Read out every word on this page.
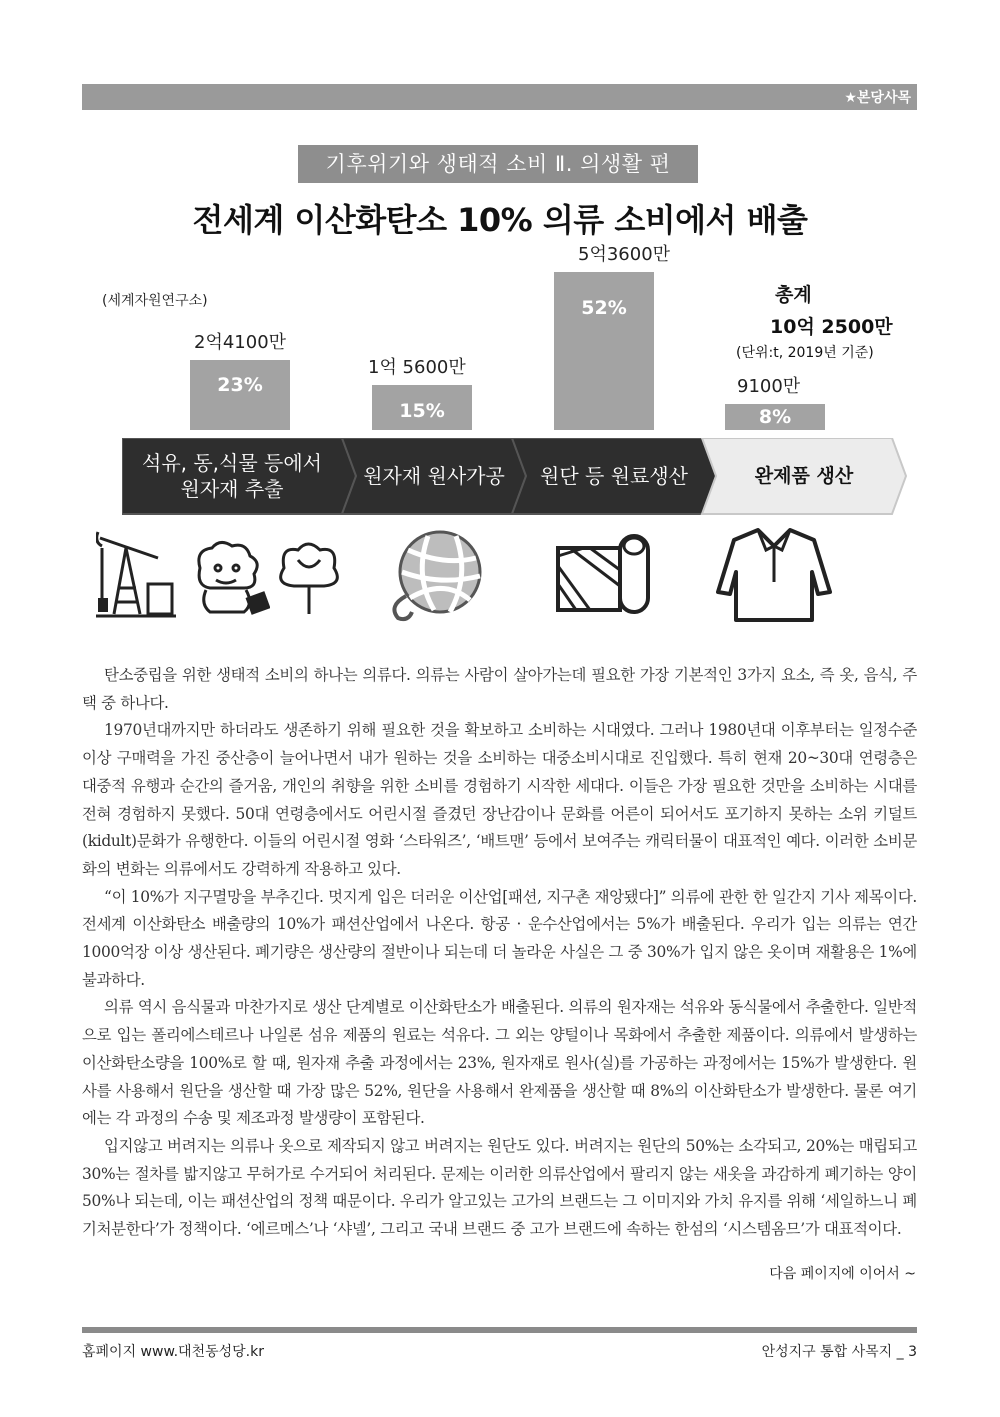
★본당사목
기후위기와 생태적 소비 Ⅱ. 의생활 편
전세계 이산화탄소 10% 의류 소비에서 배출
(세계자원연구소)	총계
10억 2500만
(단위:t, 2019년 기준)
23%
2억4100만
15%
1억 5600만
52%
5억3600만
8%
9100만
석유, 동,식물 등에서
원자재 추출
원자재 원사가공	원단 등 원료생산	완제품 생산

탄소중립을 위한 생태적 소비의 하나는 의류다. 의류는 사람이 살아가는데 필요한 가장 기본적인 3가지 요소, 즉 옷, 음식, 주택 중 하나다.

1970년대까지만 하더라도 생존하기 위해 필요한 것을 확보하고 소비하는 시대였다. 그러나 1980년대 이후부터는 일정수준 이상 구매력을 가진 중산층이 늘어나면서 내가 원하는 것을 소비하는 대중소비시대로 진입했다. 특히 현재 20~30대 연령층은 대중적 유행과 순간의 즐거움, 개인의 취향을 위한 소비를 경험하기 시작한 세대다. 이들은 가장 필요한 것만을 소비하는 시대를 전혀 경험하지 못했다. 50대 연령층에서도 어린시절 즐겼던 장난감이나 문화를 어른이 되어서도 포기하지 못하는 소위 키덜트(kidult)문화가 유행한다. 이들의 어린시절 영화 ‘스타워즈’, ‘배트맨’ 등에서 보여주는 캐릭터물이 대표적인 예다. 이러한 소비문화의 변화는 의류에서도 강력하게 작용하고 있다.

“이 10%가 지구멸망을 부추긴다. 멋지게 입은 더러운 이산업[패션, 지구촌 재앙됐다]” 의류에 관한 한 일간지 기사 제목이다. 전세계 이산화탄소 배출량의 10%가 패션산업에서 나온다. 항공 · 운수산업에서는 5%가 배출된다. 우리가 입는 의류는 연간 1000억장 이상 생산된다. 폐기량은 생산량의 절반이나 되는데 더 놀라운 사실은 그 중 30%가 입지 않은 옷이며 재활용은 1%에 불과하다.

의류 역시 음식물과 마찬가지로 생산 단계별로 이산화탄소가 배출된다. 의류의 원자재는 석유와 동식물에서 추출한다. 일반적으로 입는 폴리에스테르나 나일론 섬유 제품의 원료는 석유다. 그 외는 양털이나 목화에서 추출한 제품이다. 의류에서 발생하는 이산화탄소량을 100%로 할 때, 원자재 추출 과정에서는 23%, 원자재로 원사(실)를 가공하는 과정에서는 15%가 발생한다. 원사를 사용해서 원단을 생산할 때 가장 많은 52%, 원단을 사용해서 완제품을 생산할 때 8%의 이산화탄소가 발생한다. 물론 여기에는 각 과정의 수송 및 제조과정 발생량이 포함된다.

입지않고 버려지는 의류나 옷으로 제작되지 않고 버려지는 원단도 있다. 버려지는 원단의 50%는 소각되고, 20%는 매립되고 30%는 절차를 밟지않고 무허가로 수거되어 처리된다. 문제는 이러한 의류산업에서 팔리지 않는 새옷을 과감하게 폐기하는 양이 50%나 되는데, 이는 패션산업의 정책 때문이다. 우리가 알고있는 고가의 브랜드는 그 이미지와 가치 유지를 위해 ‘세일하느니 폐기처분한다’가 정책이다. ‘에르메스’나 ‘샤넬’, 그리고 국내 브랜드 중 고가 브랜드에 속하는 한섬의 ‘시스템옴므’가 대표적이다.

다음 페이지에 이어서 ~
홈페이지 www.대천동성당.kr	안성지구 통합 사목지 _ 3
